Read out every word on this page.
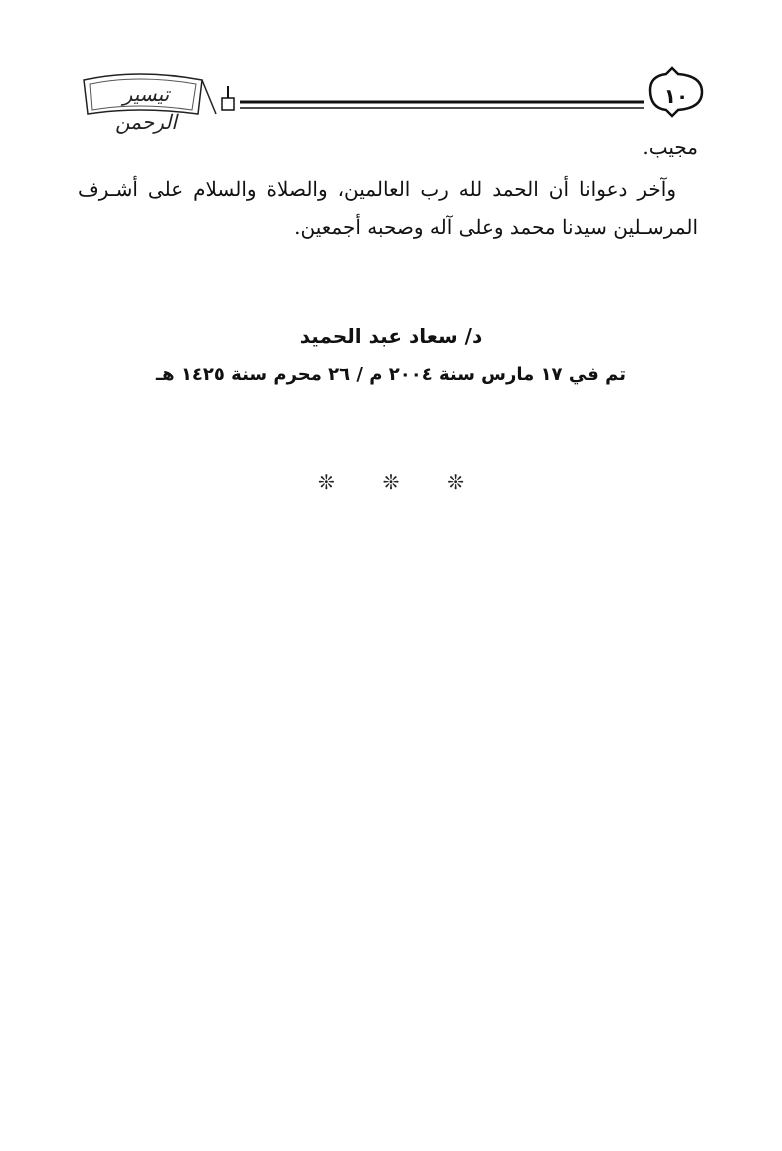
تيسير الرحمن
١٠
مجيب.
وآخر دعوانا أن الحمد لله رب العالمين، والصلاة والسلام على أشـرف المرسـلين سيدنا محمد وعلى آله وصحبه أجمعين.
د/ سعاد عبد الحميد
تم في ١٧ مارس سنة ٢٠٠٤ م / ٢٦ محرم سنة ١٤٢٥ هـ
❊ ❊ ❊
